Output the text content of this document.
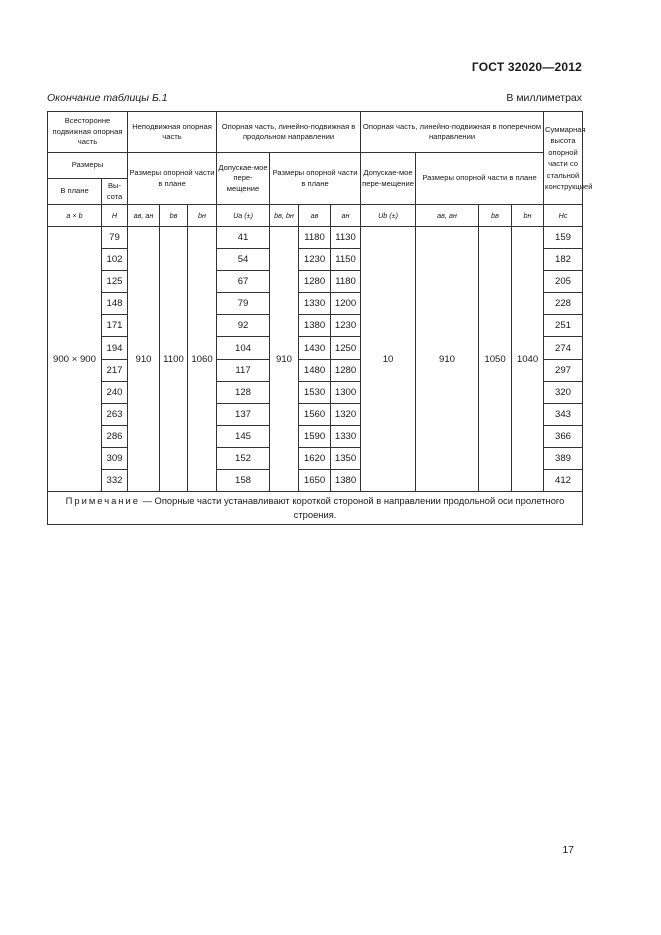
ГОСТ 32020—2012
Окончание таблицы Б.1	В миллиметрах
Всесторонне подвижная опорная часть		Неподвижная опорная часть			Опорная часть, линейно-подвижная в продольном направлении				Опорная часть, линейно-подвижная в поперечном направлении				Суммарная высота опорной части со стальной конструкцией
Размеры		Размеры опорной части в плане			Допускае-мое пере-мещение	Размеры опорной части в плане			Допускае-мое пере-мещение	Размеры опорной части в плане			
В плане	Вы-сота												
a × b	H	aв, aн	bв	bн	Ua (±)	bв, bн	aв	aн	Ub (±)	aв, aн	bв	bн	Hc
900 × 900	79	910	1100	1060	41	910	1180	1130	10	910	1050	1040	159
	102				54		1230	1150					182
	125				67		1280	1180					205
	148				79		1330	1200					228
	171				92		1380	1230					251
	194				104		1430	1250					274
	217				117		1480	1280					297
	240				128		1530	1300					320
	263				137		1560	1320					343
	286				145		1590	1330					366
	309				152		1620	1350					389
	332				158		1650	1380					412
Примечание — Опорные части устанавливают короткой стороной в направлении продольной оси пролетного строения.													
17
